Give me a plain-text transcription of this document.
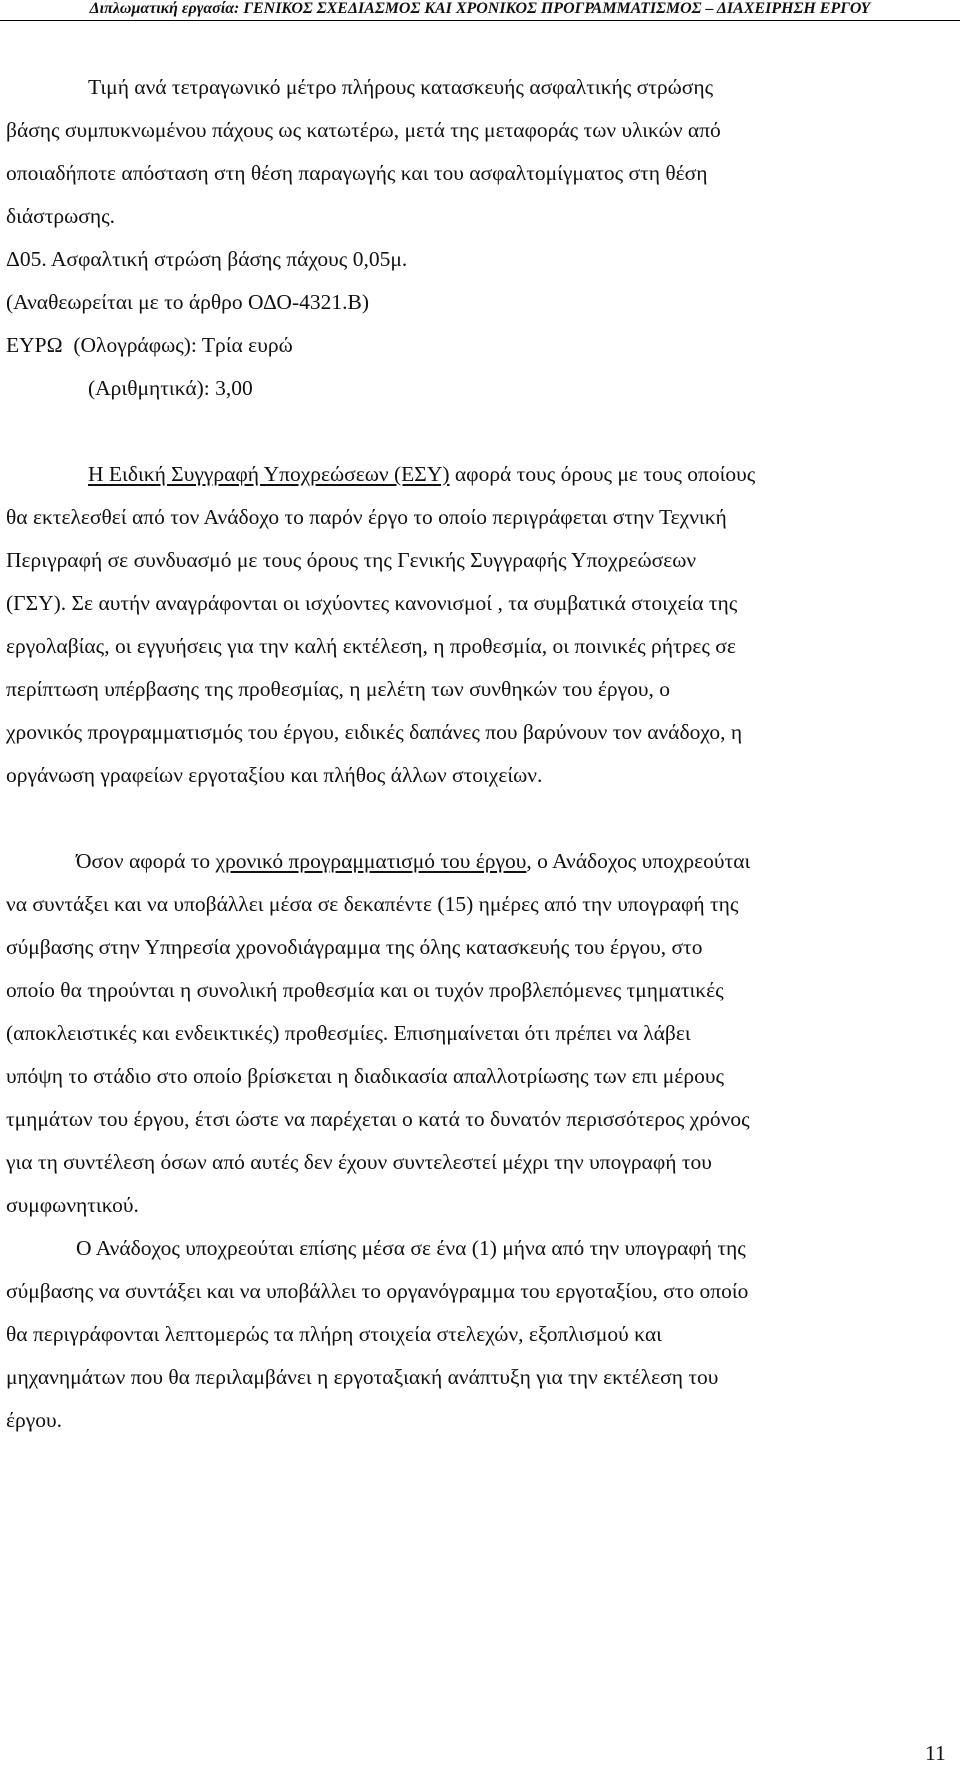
Διπλωματική εργασία: ΓΕΝΙΚΟΣ ΣΧΕΔΙΑΣΜΟΣ ΚΑΙ ΧΡΟΝΙΚΟΣ ΠΡΟΓΡΑΜΜΑΤΙΣΜΟΣ – ΔΙΑΧΕΙΡΗΣΗ ΕΡΓΟΥ
Τιμή ανά τετραγωνικό μέτρο πλήρους κατασκευής ασφαλτικής στρώσης
βάσης συμπυκνωμένου πάχους ως κατωτέρω, μετά της μεταφοράς των υλικών από
οποιαδήποτε απόσταση στη θέση παραγωγής και του ασφαλτομίγματος στη θέση
διάστρωσης.
Δ05. Ασφαλτική στρώση βάσης πάχους 0,05μ.
(Αναθεωρείται με το άρθρο ΟΔΟ-4321.Β)
ΕΥΡΩ  (Ολογράφως): Τρία ευρώ
(Αριθμητικά): 3,00
Η Ειδική Συγγραφή Υποχρεώσεων (ΕΣΥ) αφορά τους όρους με τους οποίους
θα εκτελεσθεί από τον Ανάδοχο το παρόν έργο το οποίο περιγράφεται στην Τεχνική
Περιγραφή σε συνδυασμό με τους όρους της Γενικής Συγγραφής Υποχρεώσεων
(ΓΣΥ). Σε αυτήν αναγράφονται οι ισχύοντες κανονισμοί , τα συμβατικά στοιχεία της
εργολαβίας, οι εγγυήσεις για την καλή εκτέλεση, η προθεσμία, οι ποινικές ρήτρες σε
περίπτωση υπέρβασης της προθεσμίας, η μελέτη των συνθηκών του έργου, ο
χρονικός προγραμματισμός του έργου, ειδικές δαπάνες που βαρύνουν τον ανάδοχο, η
οργάνωση γραφείων εργοταξίου και πλήθος άλλων στοιχείων.
Όσον αφορά το χρονικό προγραμματισμό του έργου, ο Ανάδοχος υποχρεούται
να συντάξει και να υποβάλλει μέσα σε δεκαπέντε (15) ημέρες από την υπογραφή της
σύμβασης στην Υπηρεσία χρονοδιάγραμμα της όλης κατασκευής του έργου, στο
οποίο θα τηρούνται η συνολική προθεσμία και οι τυχόν προβλεπόμενες τμηματικές
(αποκλειστικές και ενδεικτικές) προθεσμίες. Επισημαίνεται ότι πρέπει να λάβει
υπόψη το στάδιο στο οποίο βρίσκεται η διαδικασία απαλλοτρίωσης των επι μέρους
τμημάτων του έργου, έτσι ώστε να παρέχεται ο κατά το δυνατόν περισσότερος χρόνος
για τη συντέλεση όσων από αυτές δεν έχουν συντελεστεί μέχρι την υπογραφή του
συμφωνητικού.
Ο Ανάδοχος υποχρεούται επίσης μέσα σε ένα (1) μήνα από την υπογραφή της
σύμβασης να συντάξει και να υποβάλλει το οργανόγραμμα του εργοταξίου, στο οποίο
θα περιγράφονται λεπτομερώς τα πλήρη στοιχεία στελεχών, εξοπλισμού και
μηχανημάτων που θα περιλαμβάνει η εργοταξιακή ανάπτυξη για την εκτέλεση του
έργου.
11
